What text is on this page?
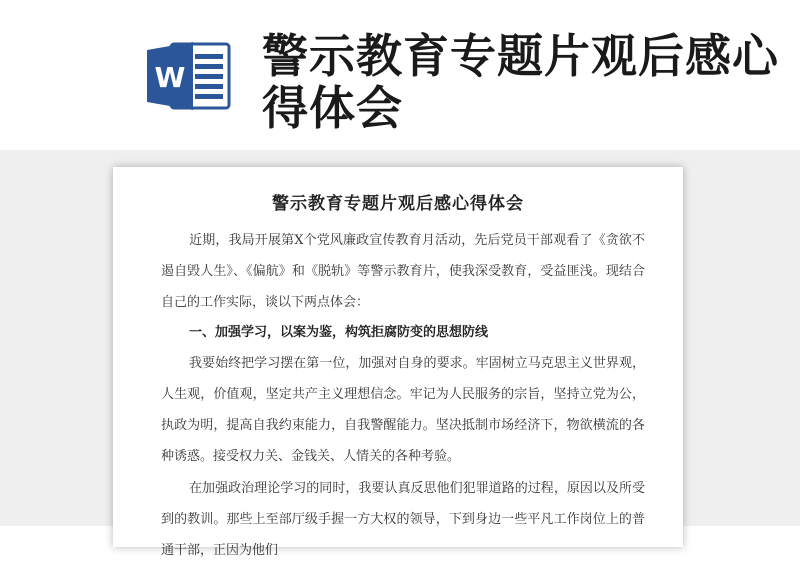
W 警示教育专题片观后感心得体会
警示教育专题片观后感心得体会

近期，我局开展第X个党风廉政宣传教育月活动，先后党员干部观看了《贪欲不遏自毁人生》、《偏航》和《脱轨》等警示教育片，使我深受教育，受益匪浅。现结合自己的工作实际，谈以下两点体会：

一、加强学习，以案为鉴，构筑拒腐防变的思想防线

我要始终把学习摆在第一位，加强对自身的要求。牢固树立马克思主义世界观，人生观，价值观，坚定共产主义理想信念。牢记为人民服务的宗旨，坚持立党为公，执政为明，提高自我约束能力，自我警醒能力。坚决抵制市场经济下，物欲横流的各种诱惑。接受权力关、金钱关、人情关的各种考验。

在加强政治理论学习的同时，我要认真反思他们犯罪道路的过程，原因以及所受到的教训。那些上至部厅级手握一方大权的领导，下到身边一些平凡工作岗位上的普通干部，正因为他们
